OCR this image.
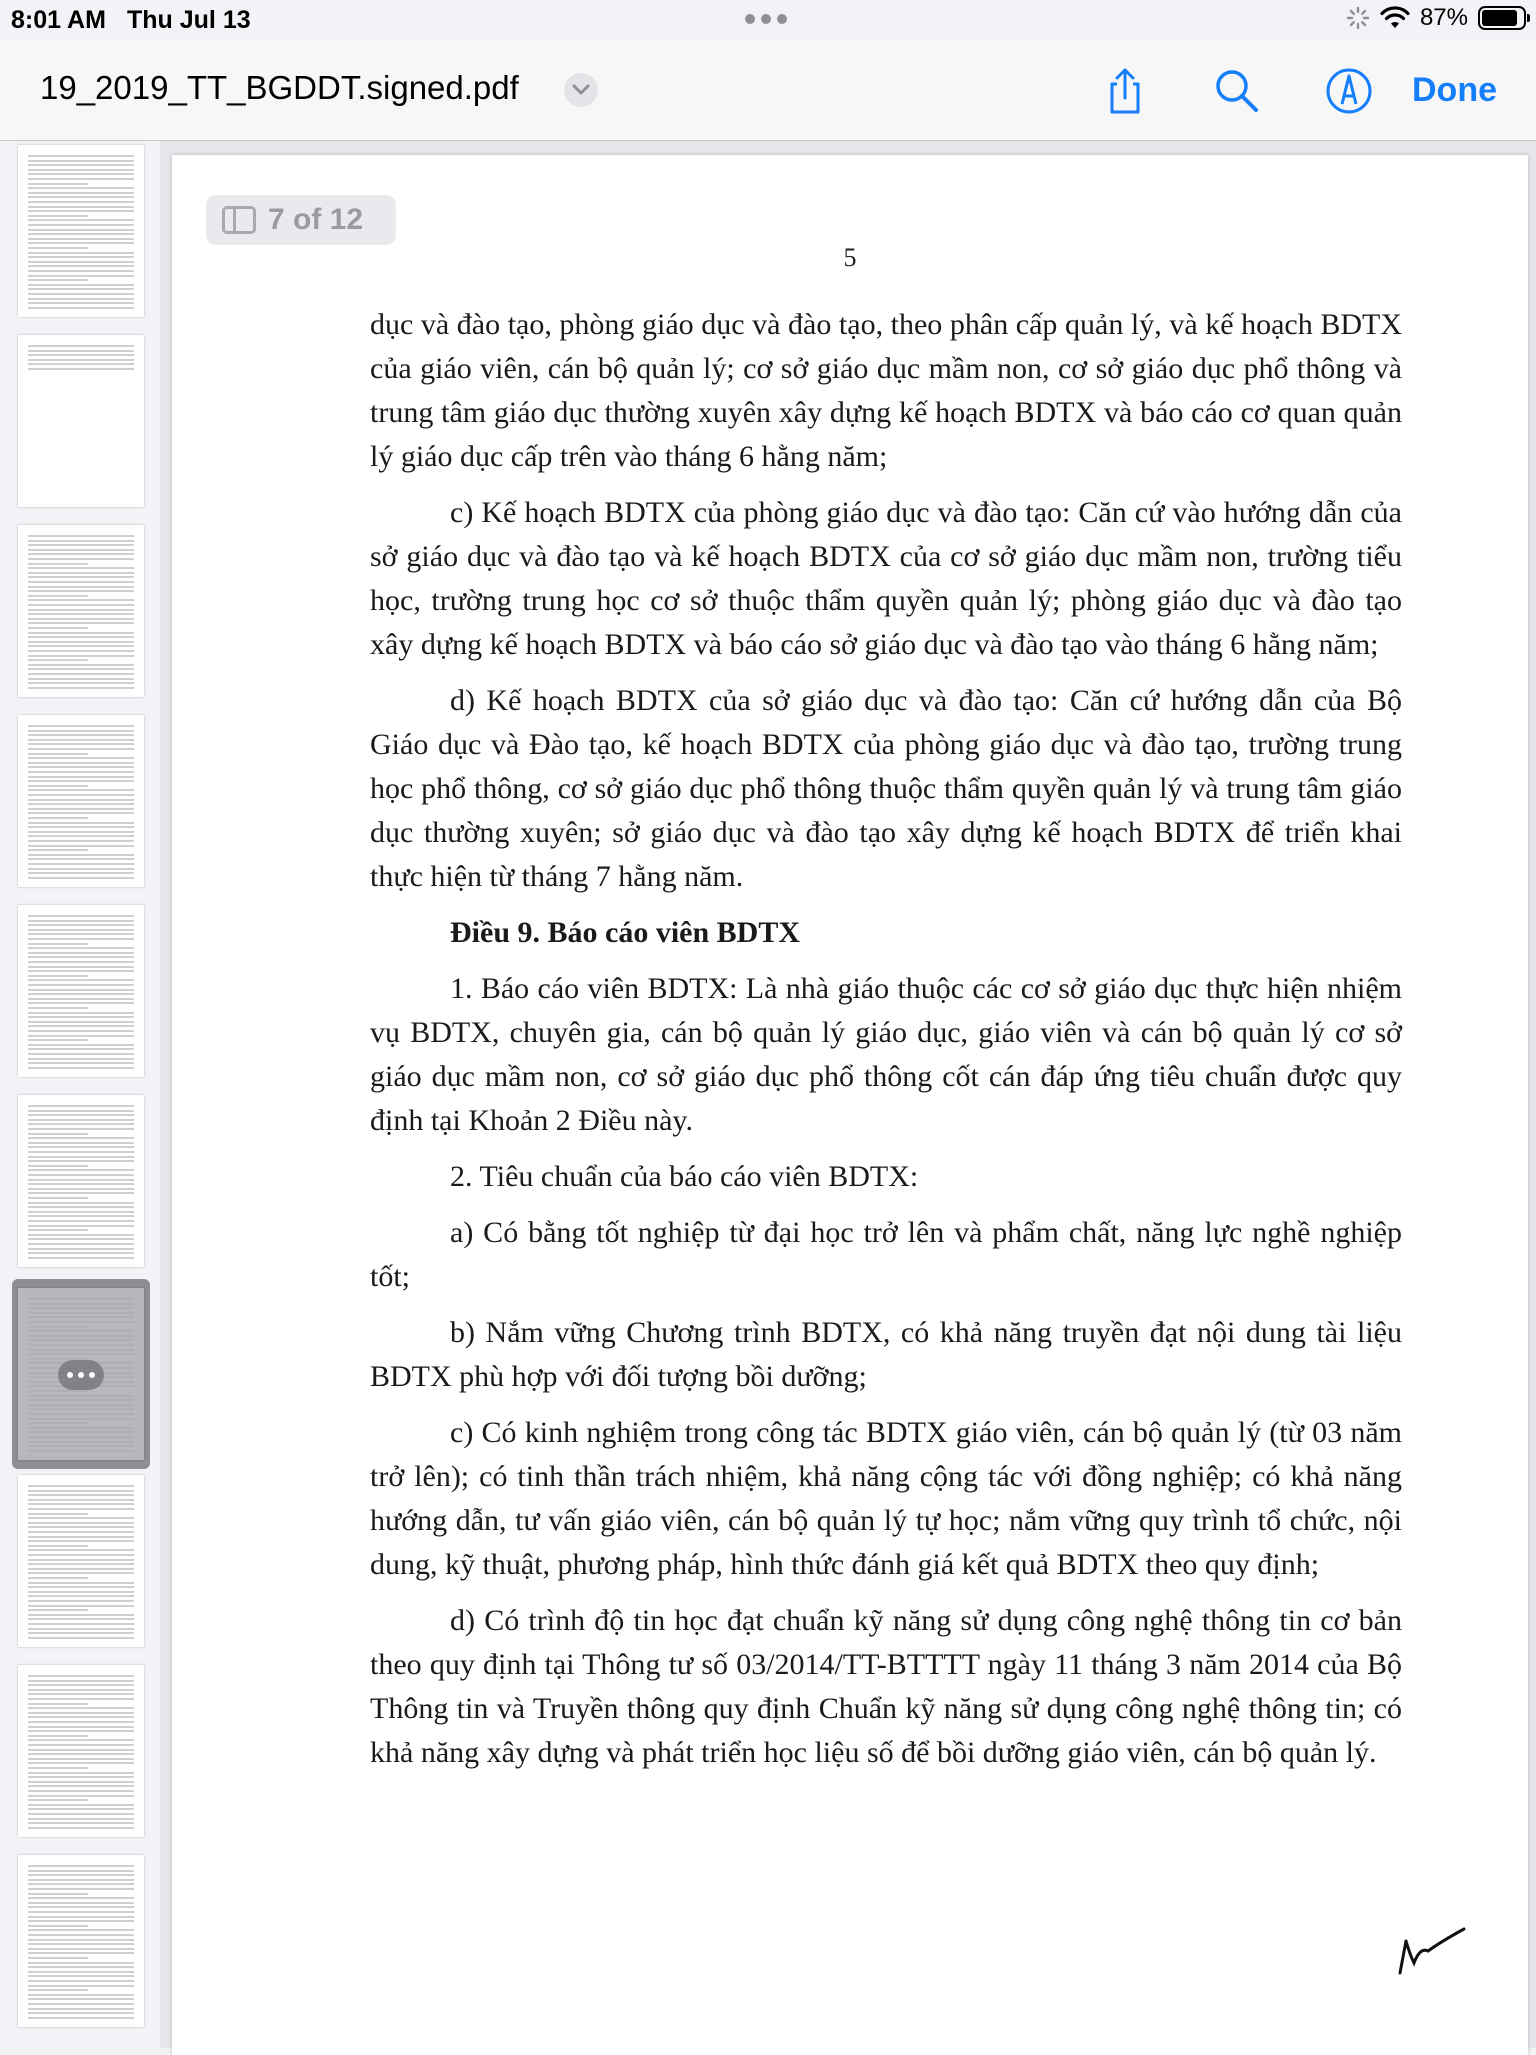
8:01 AM Thu Jul 13	87%
19_2019_TT_BGDDT.signed.pdf	Done
7 of 12
5

dục và đào tạo, phòng giáo dục và đào tạo, theo phân cấp quản lý, và kế hoạch BDTX của giáo viên, cán bộ quản lý; cơ sở giáo dục mầm non, cơ sở giáo dục phổ thông và trung tâm giáo dục thường xuyên xây dựng kế hoạch BDTX và báo cáo cơ quan quản lý giáo dục cấp trên vào tháng 6 hằng năm;

c) Kế hoạch BDTX của phòng giáo dục và đào tạo: Căn cứ vào hướng dẫn của sở giáo dục và đào tạo và kế hoạch BDTX của cơ sở giáo dục mầm non, trường tiểu học, trường trung học cơ sở thuộc thẩm quyền quản lý; phòng giáo dục và đào tạo xây dựng kế hoạch BDTX và báo cáo sở giáo dục và đào tạo vào tháng 6 hằng năm;

d) Kế hoạch BDTX của sở giáo dục và đào tạo: Căn cứ hướng dẫn của Bộ Giáo dục và Đào tạo, kế hoạch BDTX của phòng giáo dục và đào tạo, trường trung học phổ thông, cơ sở giáo dục phổ thông thuộc thẩm quyền quản lý và trung tâm giáo dục thường xuyên; sở giáo dục và đào tạo xây dựng kế hoạch BDTX để triển khai thực hiện từ tháng 7 hằng năm.

Điều 9. Báo cáo viên BDTX

1. Báo cáo viên BDTX: Là nhà giáo thuộc các cơ sở giáo dục thực hiện nhiệm vụ BDTX, chuyên gia, cán bộ quản lý giáo dục, giáo viên và cán bộ quản lý cơ sở giáo dục mầm non, cơ sở giáo dục phổ thông cốt cán đáp ứng tiêu chuẩn được quy định tại Khoản 2 Điều này.

2. Tiêu chuẩn của báo cáo viên BDTX:

a) Có bằng tốt nghiệp từ đại học trở lên và phẩm chất, năng lực nghề nghiệp tốt;

b) Nắm vững Chương trình BDTX, có khả năng truyền đạt nội dung tài liệu BDTX phù hợp với đối tượng bồi dưỡng;

c) Có kinh nghiệm trong công tác BDTX giáo viên, cán bộ quản lý (từ 03 năm trở lên); có tinh thần trách nhiệm, khả năng cộng tác với đồng nghiệp; có khả năng hướng dẫn, tư vấn giáo viên, cán bộ quản lý tự học; nắm vững quy trình tổ chức, nội dung, kỹ thuật, phương pháp, hình thức đánh giá kết quả BDTX theo quy định;

d) Có trình độ tin học đạt chuẩn kỹ năng sử dụng công nghệ thông tin cơ bản theo quy định tại Thông tư số 03/2014/TT-BTTTT ngày 11 tháng 3 năm 2014 của Bộ Thông tin và Truyền thông quy định Chuẩn kỹ năng sử dụng công nghệ thông tin; có khả năng xây dựng và phát triển học liệu số để bồi dưỡng giáo viên, cán bộ quản lý.
